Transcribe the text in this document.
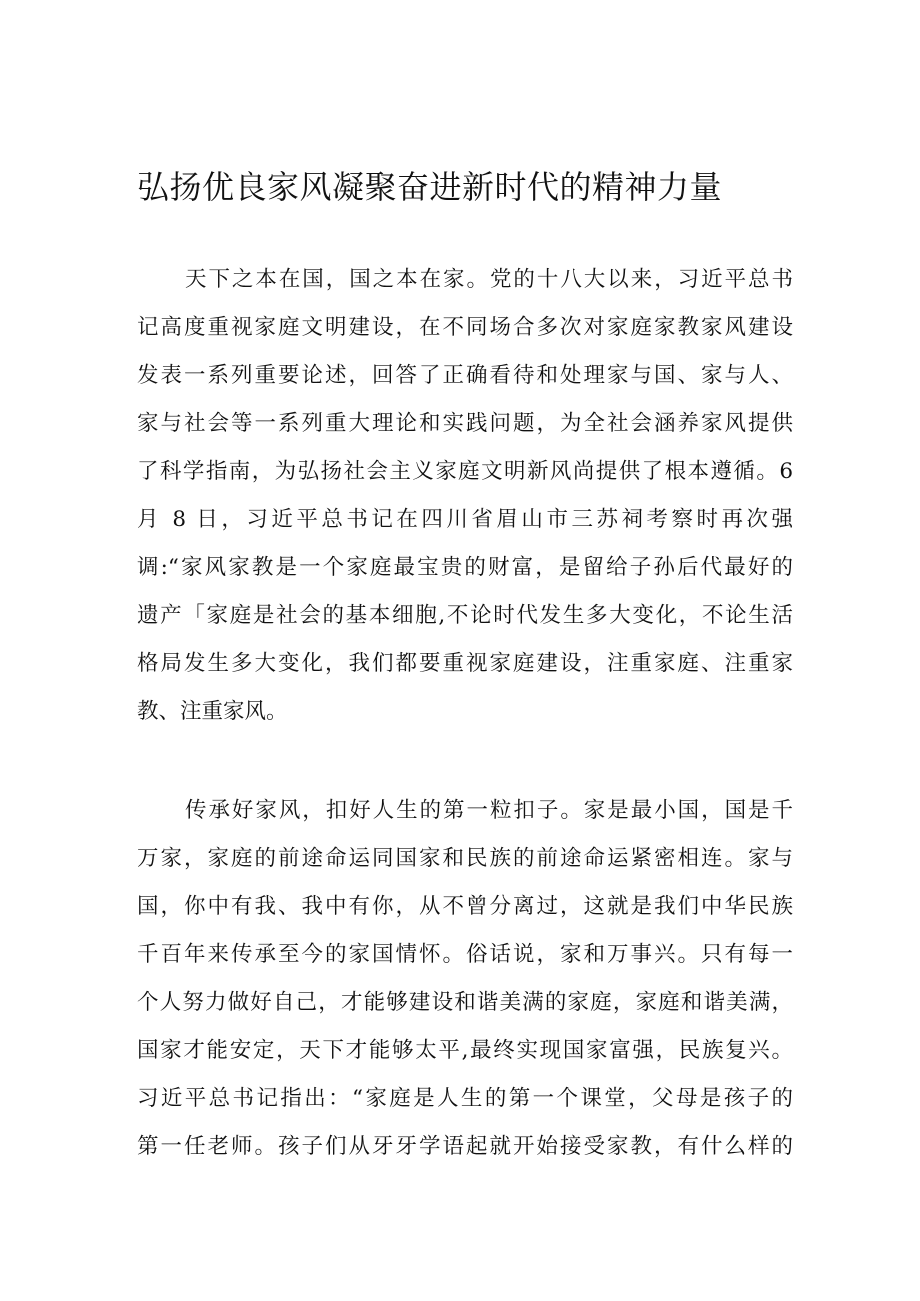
弘扬优良家风凝聚奋进新时代的精神力量
天下之本在国，国之本在家。党的十八大以来，习近平总书
记高度重视家庭文明建设，在不同场合多次对家庭家教家风建设
发表一系列重要论述，回答了正确看待和处理家与国、家与人、
家与社会等一系列重大理论和实践问题，为全社会涵养家风提供
了科学指南，为弘扬社会主义家庭文明新风尚提供了根本遵循。6
月 8 日，习近平总书记在四川省眉山市三苏祠考察时再次强
调:“家风家教是一个家庭最宝贵的财富，是留给子孙后代最好的
遗产「家庭是社会的基本细胞,不论时代发生多大变化，不论生活
格局发生多大变化，我们都要重视家庭建设，注重家庭、注重家
教、注重家风。
传承好家风，扣好人生的第一粒扣子。家是最小国，国是千
万家，家庭的前途命运同国家和民族的前途命运紧密相连。家与
国，你中有我、我中有你，从不曾分离过，这就是我们中华民族
千百年来传承至今的家国情怀。俗话说，家和万事兴。只有每一
个人努力做好自己，才能够建设和谐美满的家庭，家庭和谐美满，
国家才能安定，天下才能够太平,最终实现国家富强，民族复兴。
习近平总书记指出：“家庭是人生的第一个课堂，父母是孩子的
第一任老师。孩子们从牙牙学语起就开始接受家教，有什么样的
